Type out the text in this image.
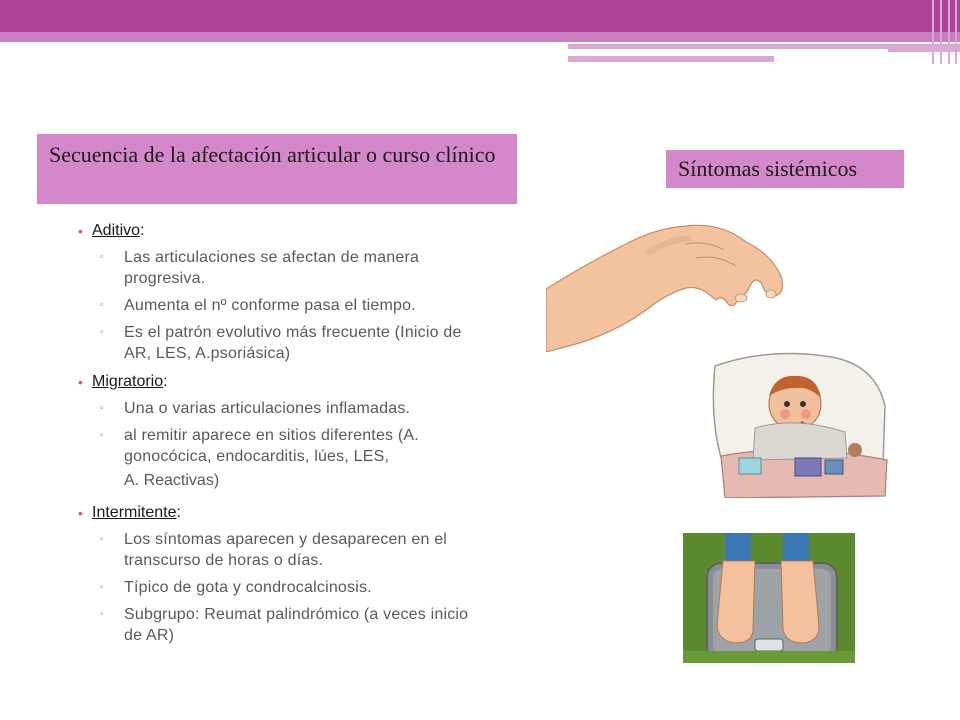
Secuencia de la afectación articular o curso clínico
Síntomas sistémicos
• Aditivo:
▫ Las articulaciones se afectan de manera progresiva.
▫ Aumenta el nº conforme pasa el tiempo.
▫ Es el patrón evolutivo más frecuente (Inicio de AR, LES, A.psoriásica)
• Migratorio:
▫ Una o varias articulaciones inflamadas.
▫ al remitir aparece en sitios diferentes (A. gonocócica, endocarditis, lúes, LES,
A. Reactivas)
• Intermitente:
▫ Los síntomas aparecen y desaparecen en el transcurso de horas o días.
▫ Típico de gota y condrocalcinosis.
▫ Subgrupo: Reumat palindrómico (a veces inicio de AR)
